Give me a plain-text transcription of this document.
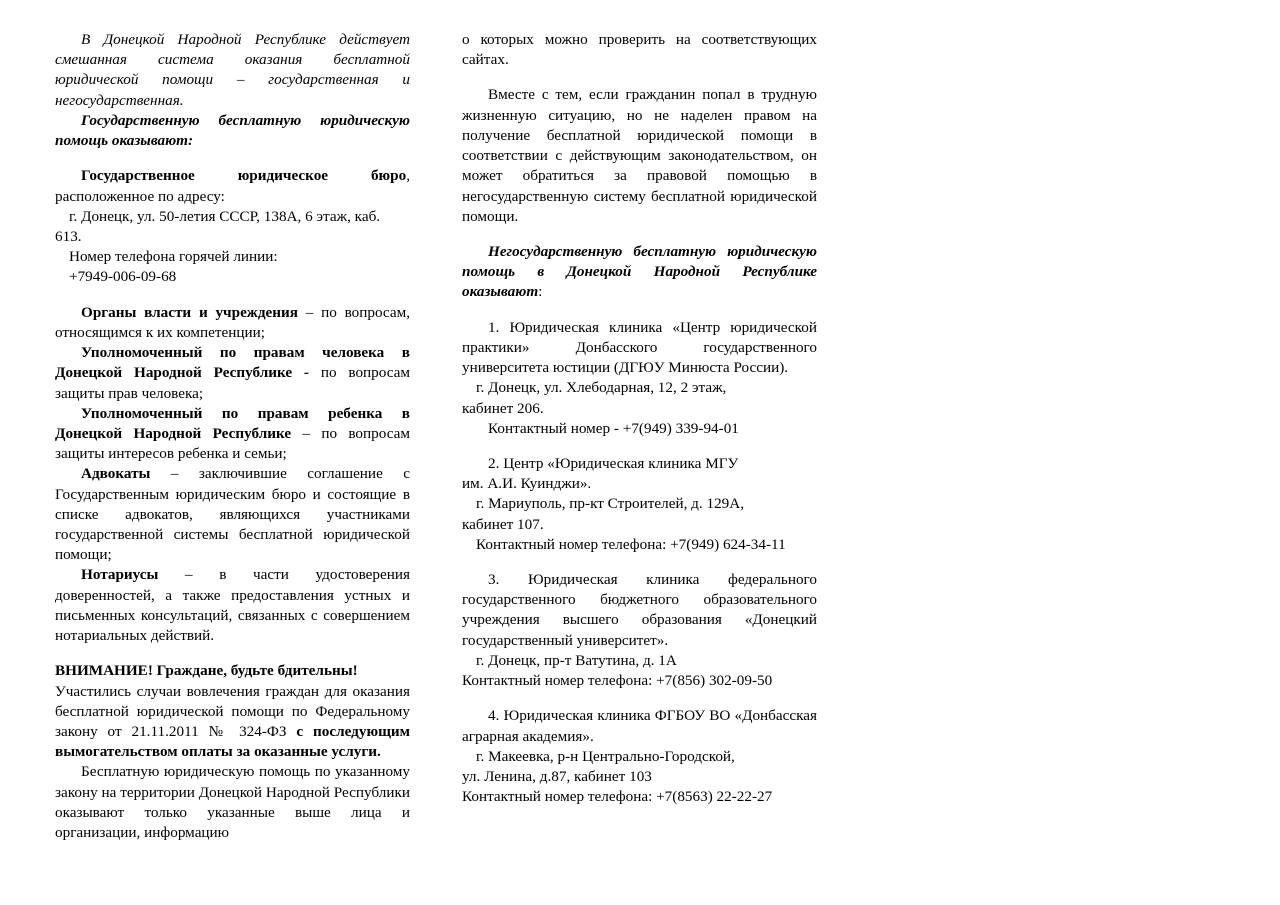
В Донецкой Народной Республике действует смешанная система оказания бесплатной юридической помощи – государственная и негосударственная.

Государственную бесплатную юридическую помощь оказывают:

Государственное юридическое бюро, расположенное по адресу:

г. Донецк, ул. 50-летия СССР, 138А, 6 этаж, каб. 613.

Номер телефона горячей линии:

+7949-006-09-68

Органы власти и учреждения – по вопросам, относящимся к их компетенции;

Уполномоченный по правам человека в Донецкой Народной Республике - по вопросам защиты прав человека;

Уполномоченный по правам ребенка в Донецкой Народной Республике – по вопросам защиты интересов ребенка и семьи;

Адвокаты – заключившие соглашение с Государственным юридическим бюро и состоящие в списке адвокатов, являющихся участниками государственной системы бесплатной юридической помощи;

Нотариусы – в части удостоверения доверенностей, а также предоставления устных и письменных консультаций, связанных с совершением нотариальных действий.

ВНИМАНИЕ! Граждане, будьте бдительны!

Участились случаи вовлечения граждан для оказания бесплатной юридической помощи по Федеральному закону от 21.11.2011 № 324-ФЗ с последующим вымогательством оплаты за оказанные услуги.

Бесплатную юридическую помощь по указанному закону на территории Донецкой Народной Республики оказывают только указанные выше лица и организации, информацию

о которых можно проверить на соответствующих сайтах.

Вместе с тем, если гражданин попал в трудную жизненную ситуацию, но не наделен правом на получение бесплатной юридической помощи в соответствии с действующим законодательством, он может обратиться за правовой помощью в негосударственную систему бесплатной юридической помощи.

Негосударственную бесплатную юридическую помощь в Донецкой Народной Республике оказывают:

1. Юридическая клиника «Центр юридической практики» Донбасского государственного университета юстиции (ДГЮУ Минюста России).

г. Донецк, ул. Хлебодарная, 12, 2 этаж,

кабинет 206.

Контактный номер - +7(949) 339-94-01

2. Центр «Юридическая клиника МГУ

им. А.И. Куинджи».

г. Мариуполь, пр-кт Строителей, д. 129А,

кабинет 107.

Контактный номер телефона: +7(949) 624-34-11

3. Юридическая клиника федерального государственного бюджетного образовательного учреждения высшего образования «Донецкий государственный университет».

г. Донецк, пр-т Ватутина, д. 1А

Контактный номер телефона: +7(856) 302-09-50

4. Юридическая клиника ФГБОУ ВО «Донбасская аграрная академия».

г. Макеевка, р-н Центрально-Городской,

ул. Ленина, д.87, кабинет 103

Контактный номер телефона: +7(8563) 22-22-27
